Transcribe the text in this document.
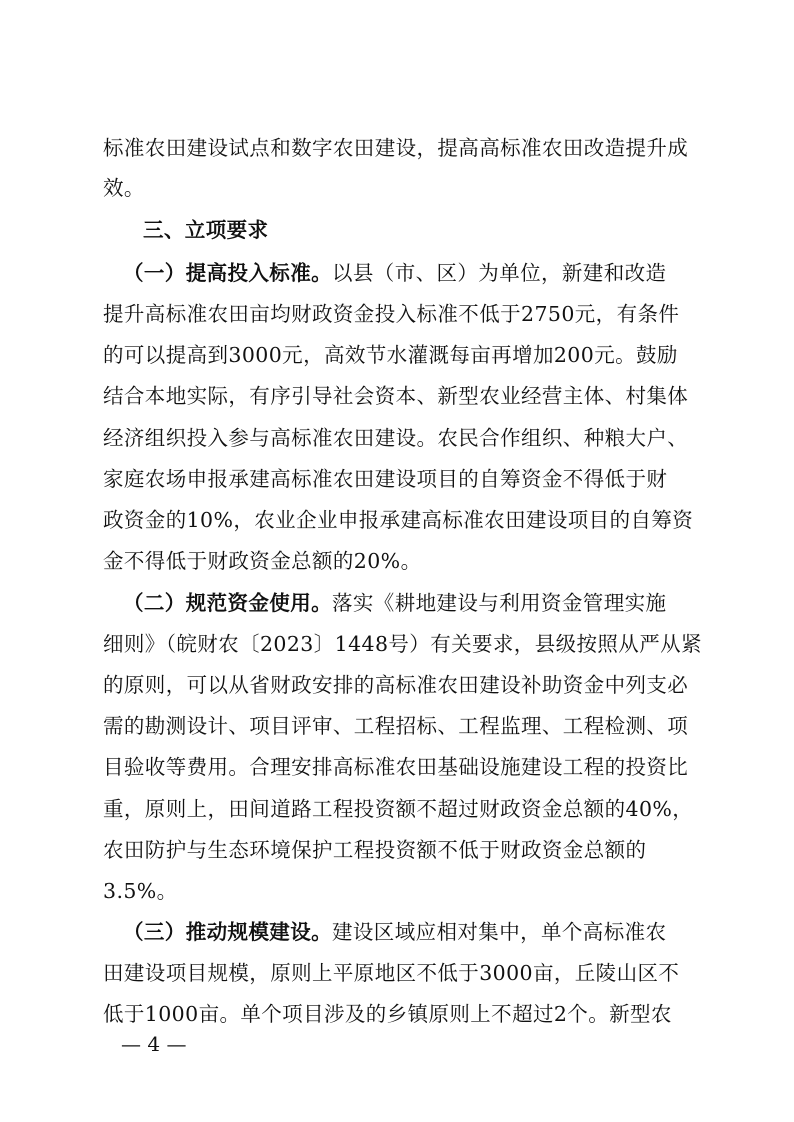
标准农田建设试点和数字农田建设，提高高标准农田改造提升成
效。
三、立项要求
（一）提高投入标准。以县（市、区）为单位，新建和改造
提升高标准农田亩均财政资金投入标准不低于2750元，有条件
的可以提高到3000元，高效节水灌溉每亩再增加200元。鼓励
结合本地实际，有序引导社会资本、新型农业经营主体、村集体
经济组织投入参与高标准农田建设。农民合作组织、种粮大户、
家庭农场申报承建高标准农田建设项目的自筹资金不得低于财
政资金的10%，农业企业申报承建高标准农田建设项目的自筹资
金不得低于财政资金总额的20%。
（二）规范资金使用。落实《耕地建设与利用资金管理实施
细则》（皖财农〔2023〕1448号）有关要求，县级按照从严从紧
的原则，可以从省财政安排的高标准农田建设补助资金中列支必
需的勘测设计、项目评审、工程招标、工程监理、工程检测、项
目验收等费用。合理安排高标准农田基础设施建设工程的投资比
重，原则上，田间道路工程投资额不超过财政资金总额的40%，
农田防护与生态环境保护工程投资额不低于财政资金总额的
3.5%。
（三）推动规模建设。建设区域应相对集中，单个高标准农
田建设项目规模，原则上平原地区不低于3000亩，丘陵山区不
低于1000亩。单个项目涉及的乡镇原则上不超过2个。新型农
— 4 —
